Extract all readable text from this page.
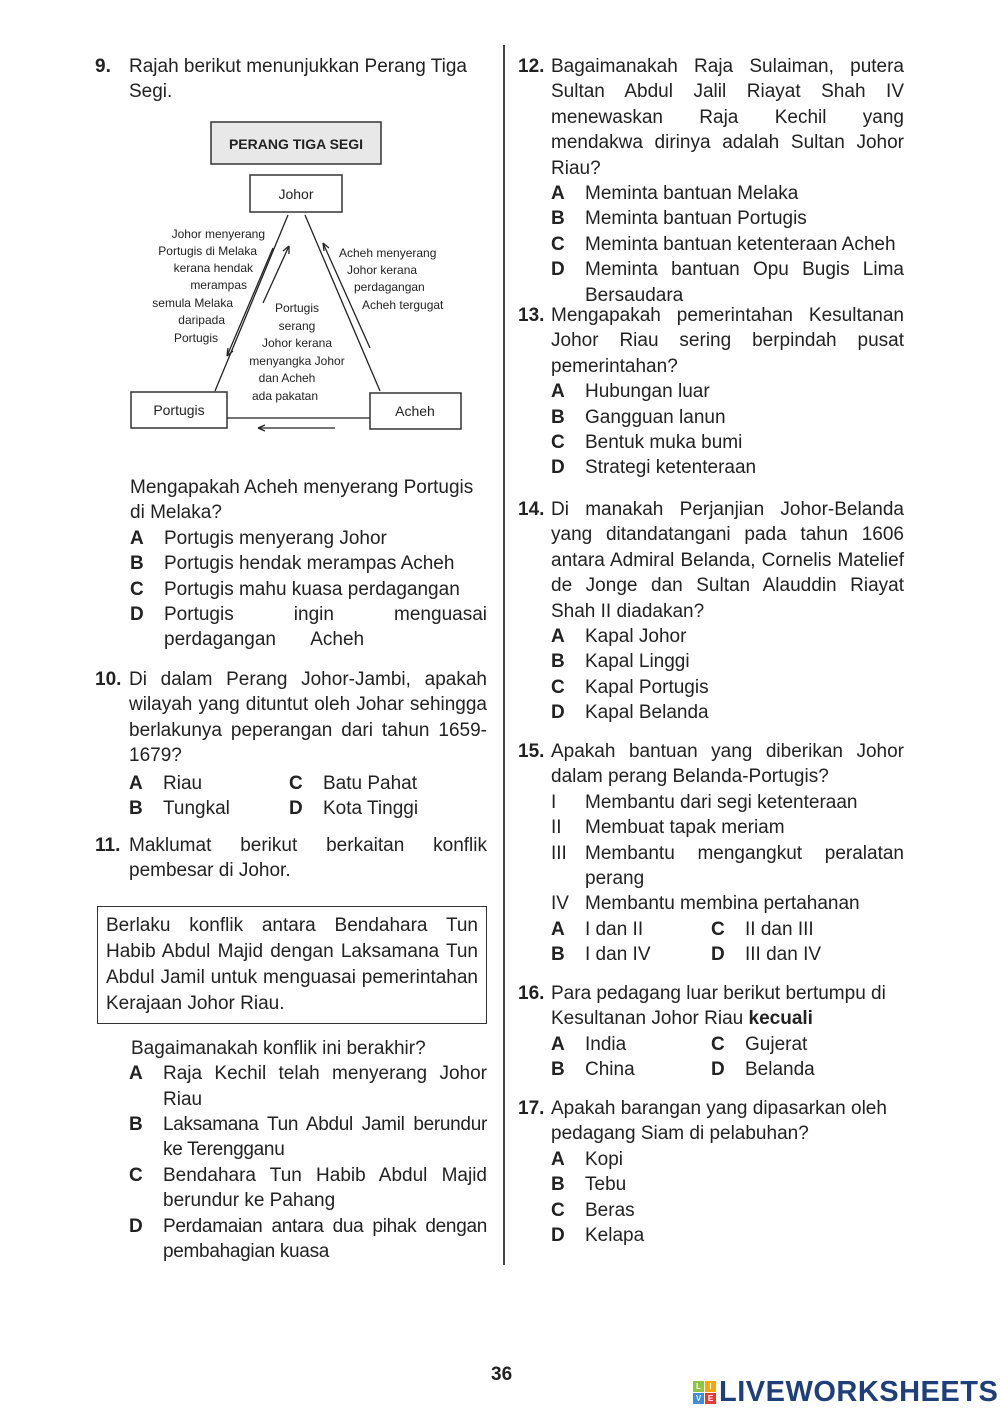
9. Rajah berikut menunjukkan Perang Tiga Segi.
PERANG TIGA SEGI
Johor
Portugis	Acheh
Johor menyerang
Portugis di Melaka
kerana hendak
merampas
semula Melaka
daripada
Portugis
Acheh menyerang
Johor kerana
perdagangan
Acheh tergugat
Portugis
serang
Johor kerana
menyangka Johor
dan Acheh
ada pakatan
Mengapakah Acheh menyerang Portugis di Melaka?
A	Portugis menyerang Johor
B	Portugis hendak merampas Acheh
C	Portugis mahu kuasa perdagangan
D	Portugis ingin menguasai perdagangan Acheh
10. Di dalam Perang Johor-Jambi, apakah wilayah yang dituntut oleh Johar sehingga berlakunya peperangan dari tahun 1659-1679?
A	Riau	C	Batu Pahat
B	Tungkal	D	Kota Tinggi
11. Maklumat berikut berkaitan konflik pembesar di Johor.
Berlaku konflik antara Bendahara Tun Habib Abdul Majid dengan Laksamana Tun Abdul Jamil untuk menguasai pemerintahan Kerajaan Johor Riau.
Bagaimanakah konflik ini berakhir?
A	Raja Kechil telah menyerang Johor Riau
B	Laksamana Tun Abdul Jamil berundur ke Terengganu
C	Bendahara Tun Habib Abdul Majid berundur ke Pahang
D	Perdamaian antara dua pihak dengan pembahagian kuasa
12. Bagaimanakah Raja Sulaiman, putera Sultan Abdul Jalil Riayat Shah IV menewaskan Raja Kechil yang mendakwa dirinya adalah Sultan Johor Riau?
A	Meminta bantuan Melaka
B	Meminta bantuan Portugis
C	Meminta bantuan ketenteraan Acheh
D	Meminta bantuan Opu Bugis Lima Bersaudara
13. Mengapakah pemerintahan Kesultanan Johor Riau sering berpindah pusat pemerintahan?
A	Hubungan luar
B	Gangguan lanun
C	Bentuk muka bumi
D	Strategi ketenteraan
14. Di manakah Perjanjian Johor-Belanda yang ditandatangani pada tahun 1606 antara Admiral Belanda, Cornelis Matelief de Jonge dan Sultan Alauddin Riayat Shah II diadakan?
A	Kapal Johor
B	Kapal Linggi
C	Kapal Portugis
D	Kapal Belanda
15. Apakah bantuan yang diberikan Johor dalam perang Belanda-Portugis?
I	Membantu dari segi ketenteraan
II	Membuat tapak meriam
III Membantu mengangkut peralatan perang
IV Membantu membina pertahanan
A	I dan II	C	II dan III
B	I dan IV	D	III dan IV
16. Para pedagang luar berikut bertumpu di Kesultanan Johor Riau kecuali
A	India	C	Gujerat
B	China	D	Belanda
17. Apakah barangan yang dipasarkan oleh pedagang Siam di pelabuhan?
A	Kopi
B	Tebu
C	Beras
D	Kelapa
36
L	I
V E LIVEWORKSHEETS
